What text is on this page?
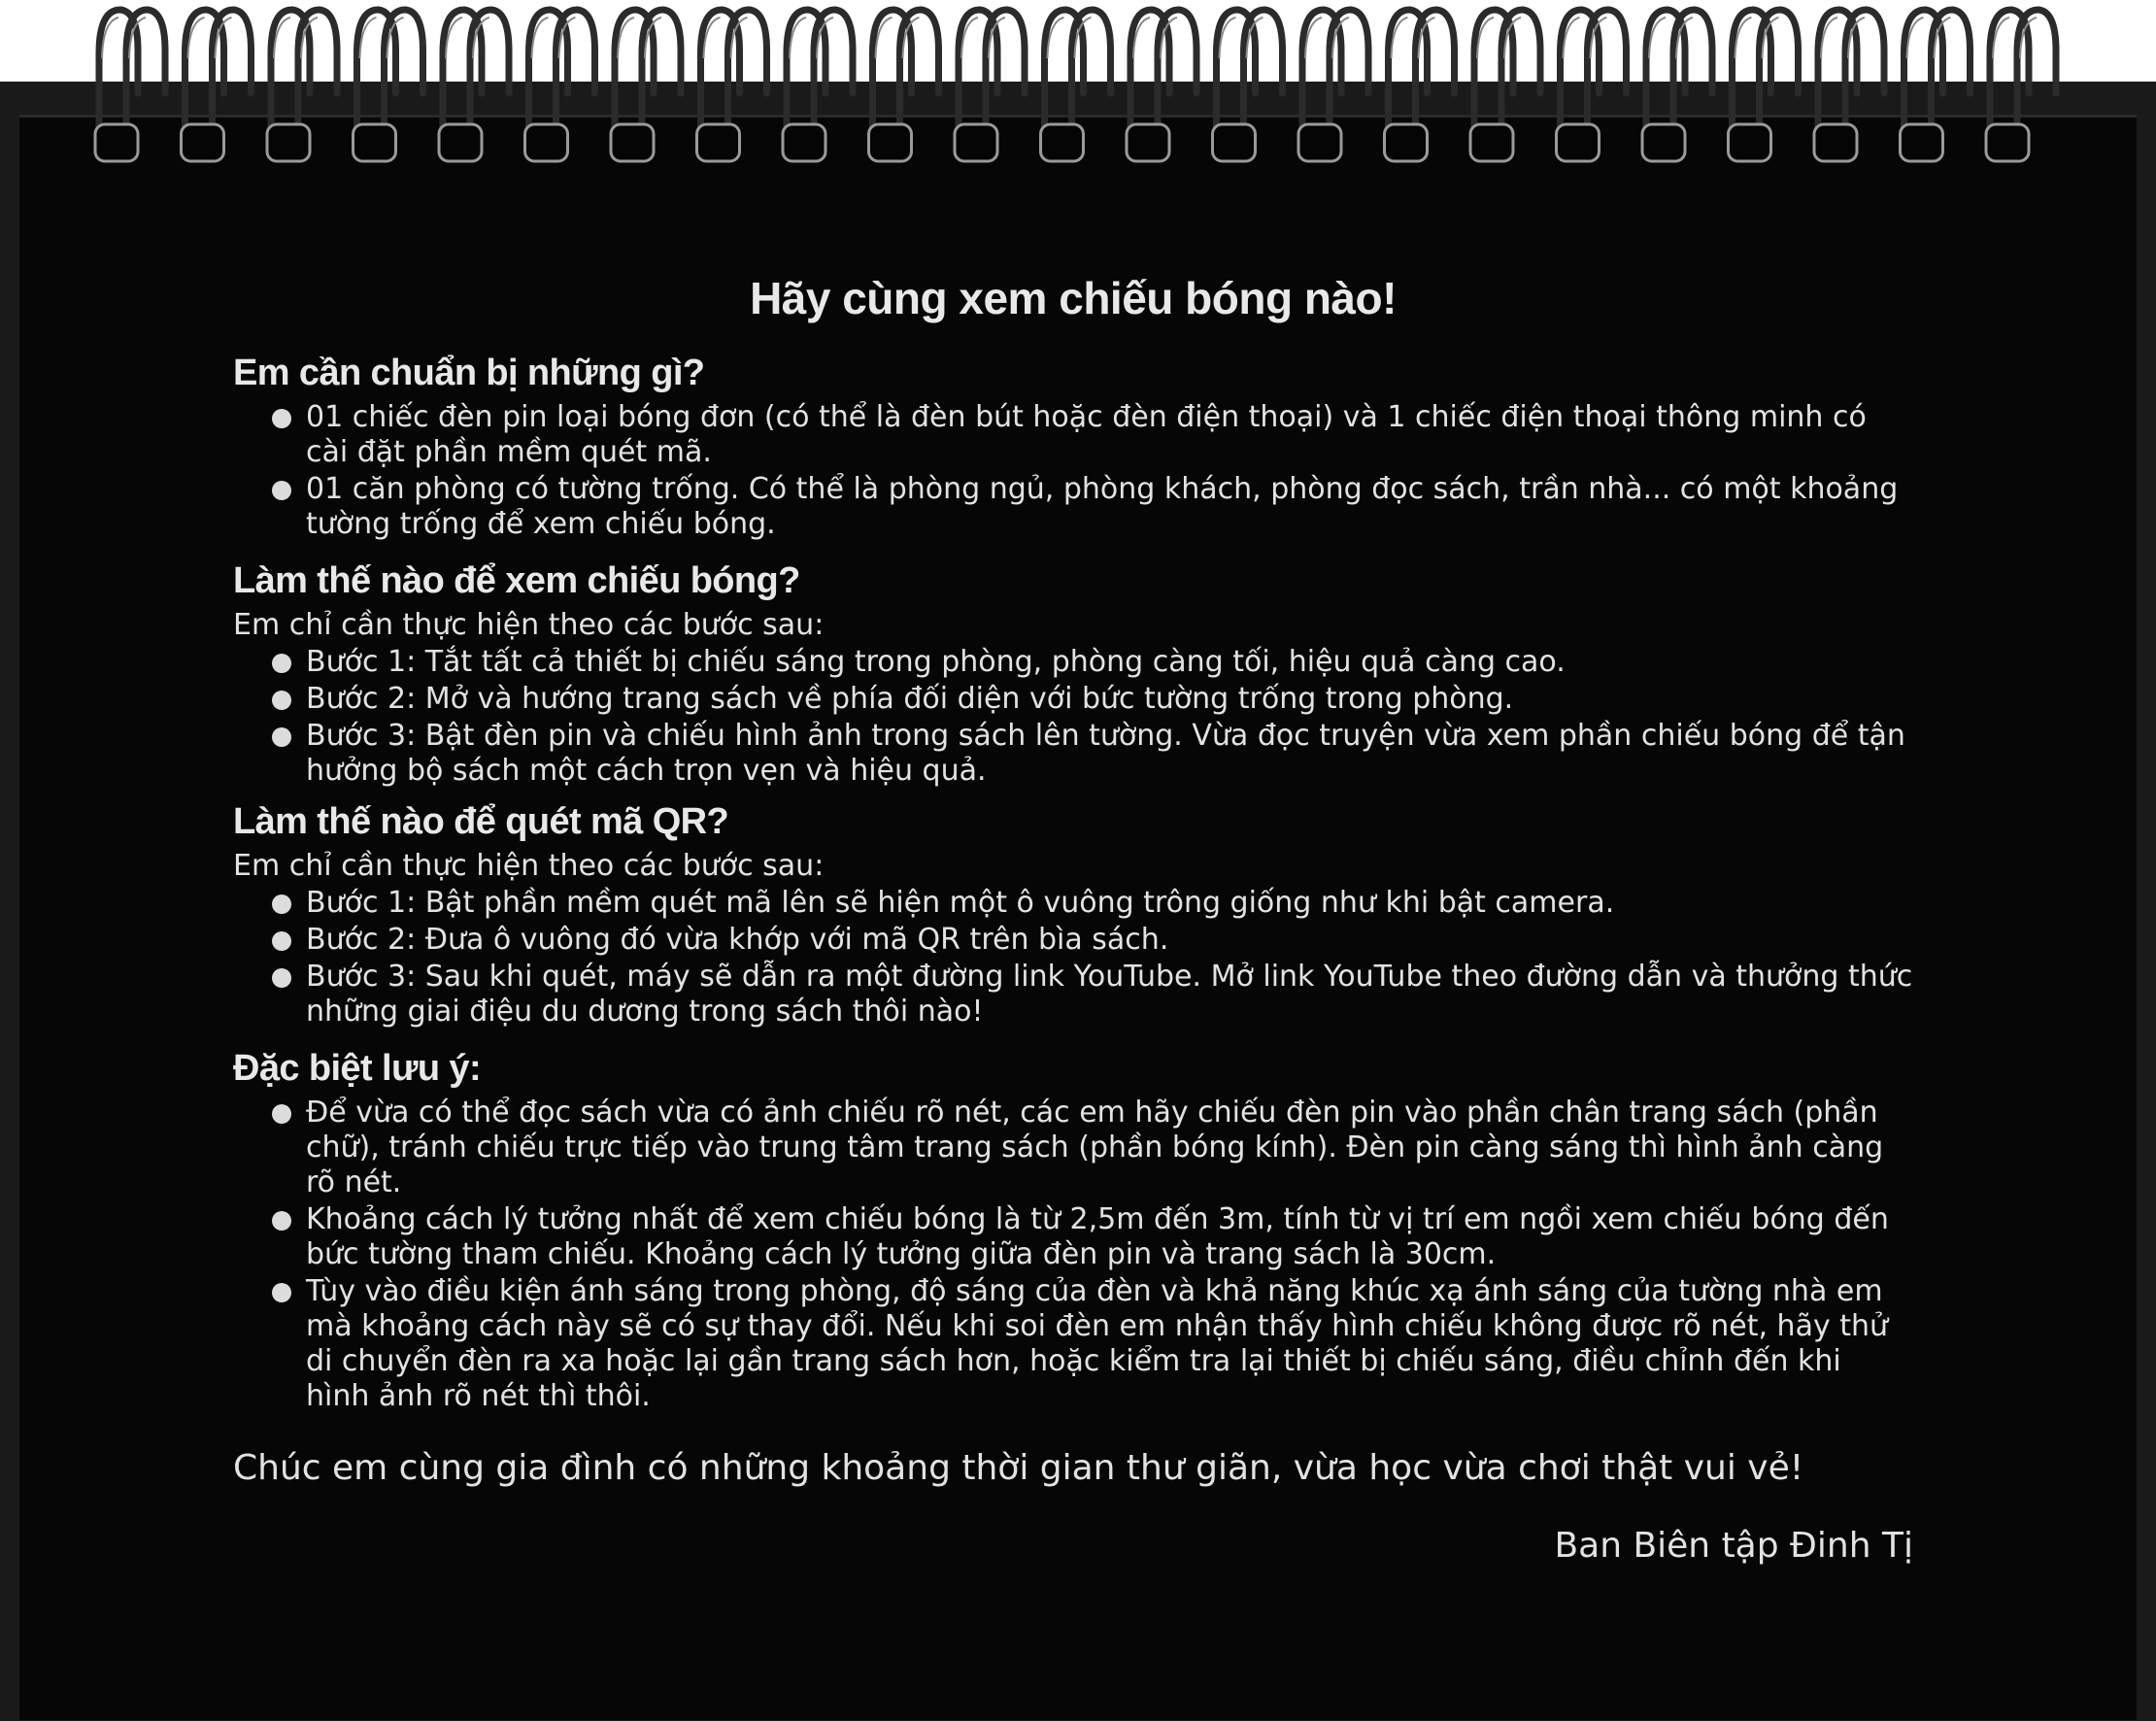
Hãy cùng xem chiếu bóng nào!
Em cần chuẩn bị những gì?
01 chiếc đèn pin loại bóng đơn (có thể là đèn bút hoặc đèn điện thoại) và 1 chiếc điện thoại thông minh có cài đặt phần mềm quét mã.
01 căn phòng có tường trống. Có thể là phòng ngủ, phòng khách, phòng đọc sách, trần nhà... có một khoảng tường trống để xem chiếu bóng.
Làm thế nào để xem chiếu bóng?

Em chỉ cần thực hiện theo các bước sau:

Bước 1: Tắt tất cả thiết bị chiếu sáng trong phòng, phòng càng tối, hiệu quả càng cao.
Bước 2: Mở và hướng trang sách về phía đối diện với bức tường trống trong phòng.
Bước 3: Bật đèn pin và chiếu hình ảnh trong sách lên tường. Vừa đọc truyện vừa xem phần chiếu bóng để tận hưởng bộ sách một cách trọn vẹn và hiệu quả.
Làm thế nào để quét mã QR?

Em chỉ cần thực hiện theo các bước sau:

Bước 1: Bật phần mềm quét mã lên sẽ hiện một ô vuông trông giống như khi bật camera.
Bước 2: Đưa ô vuông đó vừa khớp với mã QR trên bìa sách.
Bước 3: Sau khi quét, máy sẽ dẫn ra một đường link YouTube. Mở link YouTube theo đường dẫn và thưởng thức những giai điệu du dương trong sách thôi nào!
Đặc biệt lưu ý:
Để vừa có thể đọc sách vừa có ảnh chiếu rõ nét, các em hãy chiếu đèn pin vào phần chân trang sách (phần chữ), tránh chiếu trực tiếp vào trung tâm trang sách (phần bóng kính). Đèn pin càng sáng thì hình ảnh càng rõ nét.
Khoảng cách lý tưởng nhất để xem chiếu bóng là từ 2,5m đến 3m, tính từ vị trí em ngồi xem chiếu bóng đến bức tường tham chiếu. Khoảng cách lý tưởng giữa đèn pin và trang sách là 30cm.
Tùy vào điều kiện ánh sáng trong phòng, độ sáng của đèn và khả năng khúc xạ ánh sáng của tường nhà em mà khoảng cách này sẽ có sự thay đổi. Nếu khi soi đèn em nhận thấy hình chiếu không được rõ nét, hãy thử di chuyển đèn ra xa hoặc lại gần trang sách hơn, hoặc kiểm tra lại thiết bị chiếu sáng, điều chỉnh đến khi hình ảnh rõ nét thì thôi.

Chúc em cùng gia đình có những khoảng thời gian thư giãn, vừa học vừa chơi thật vui vẻ!

Ban Biên tập Đinh Tị
